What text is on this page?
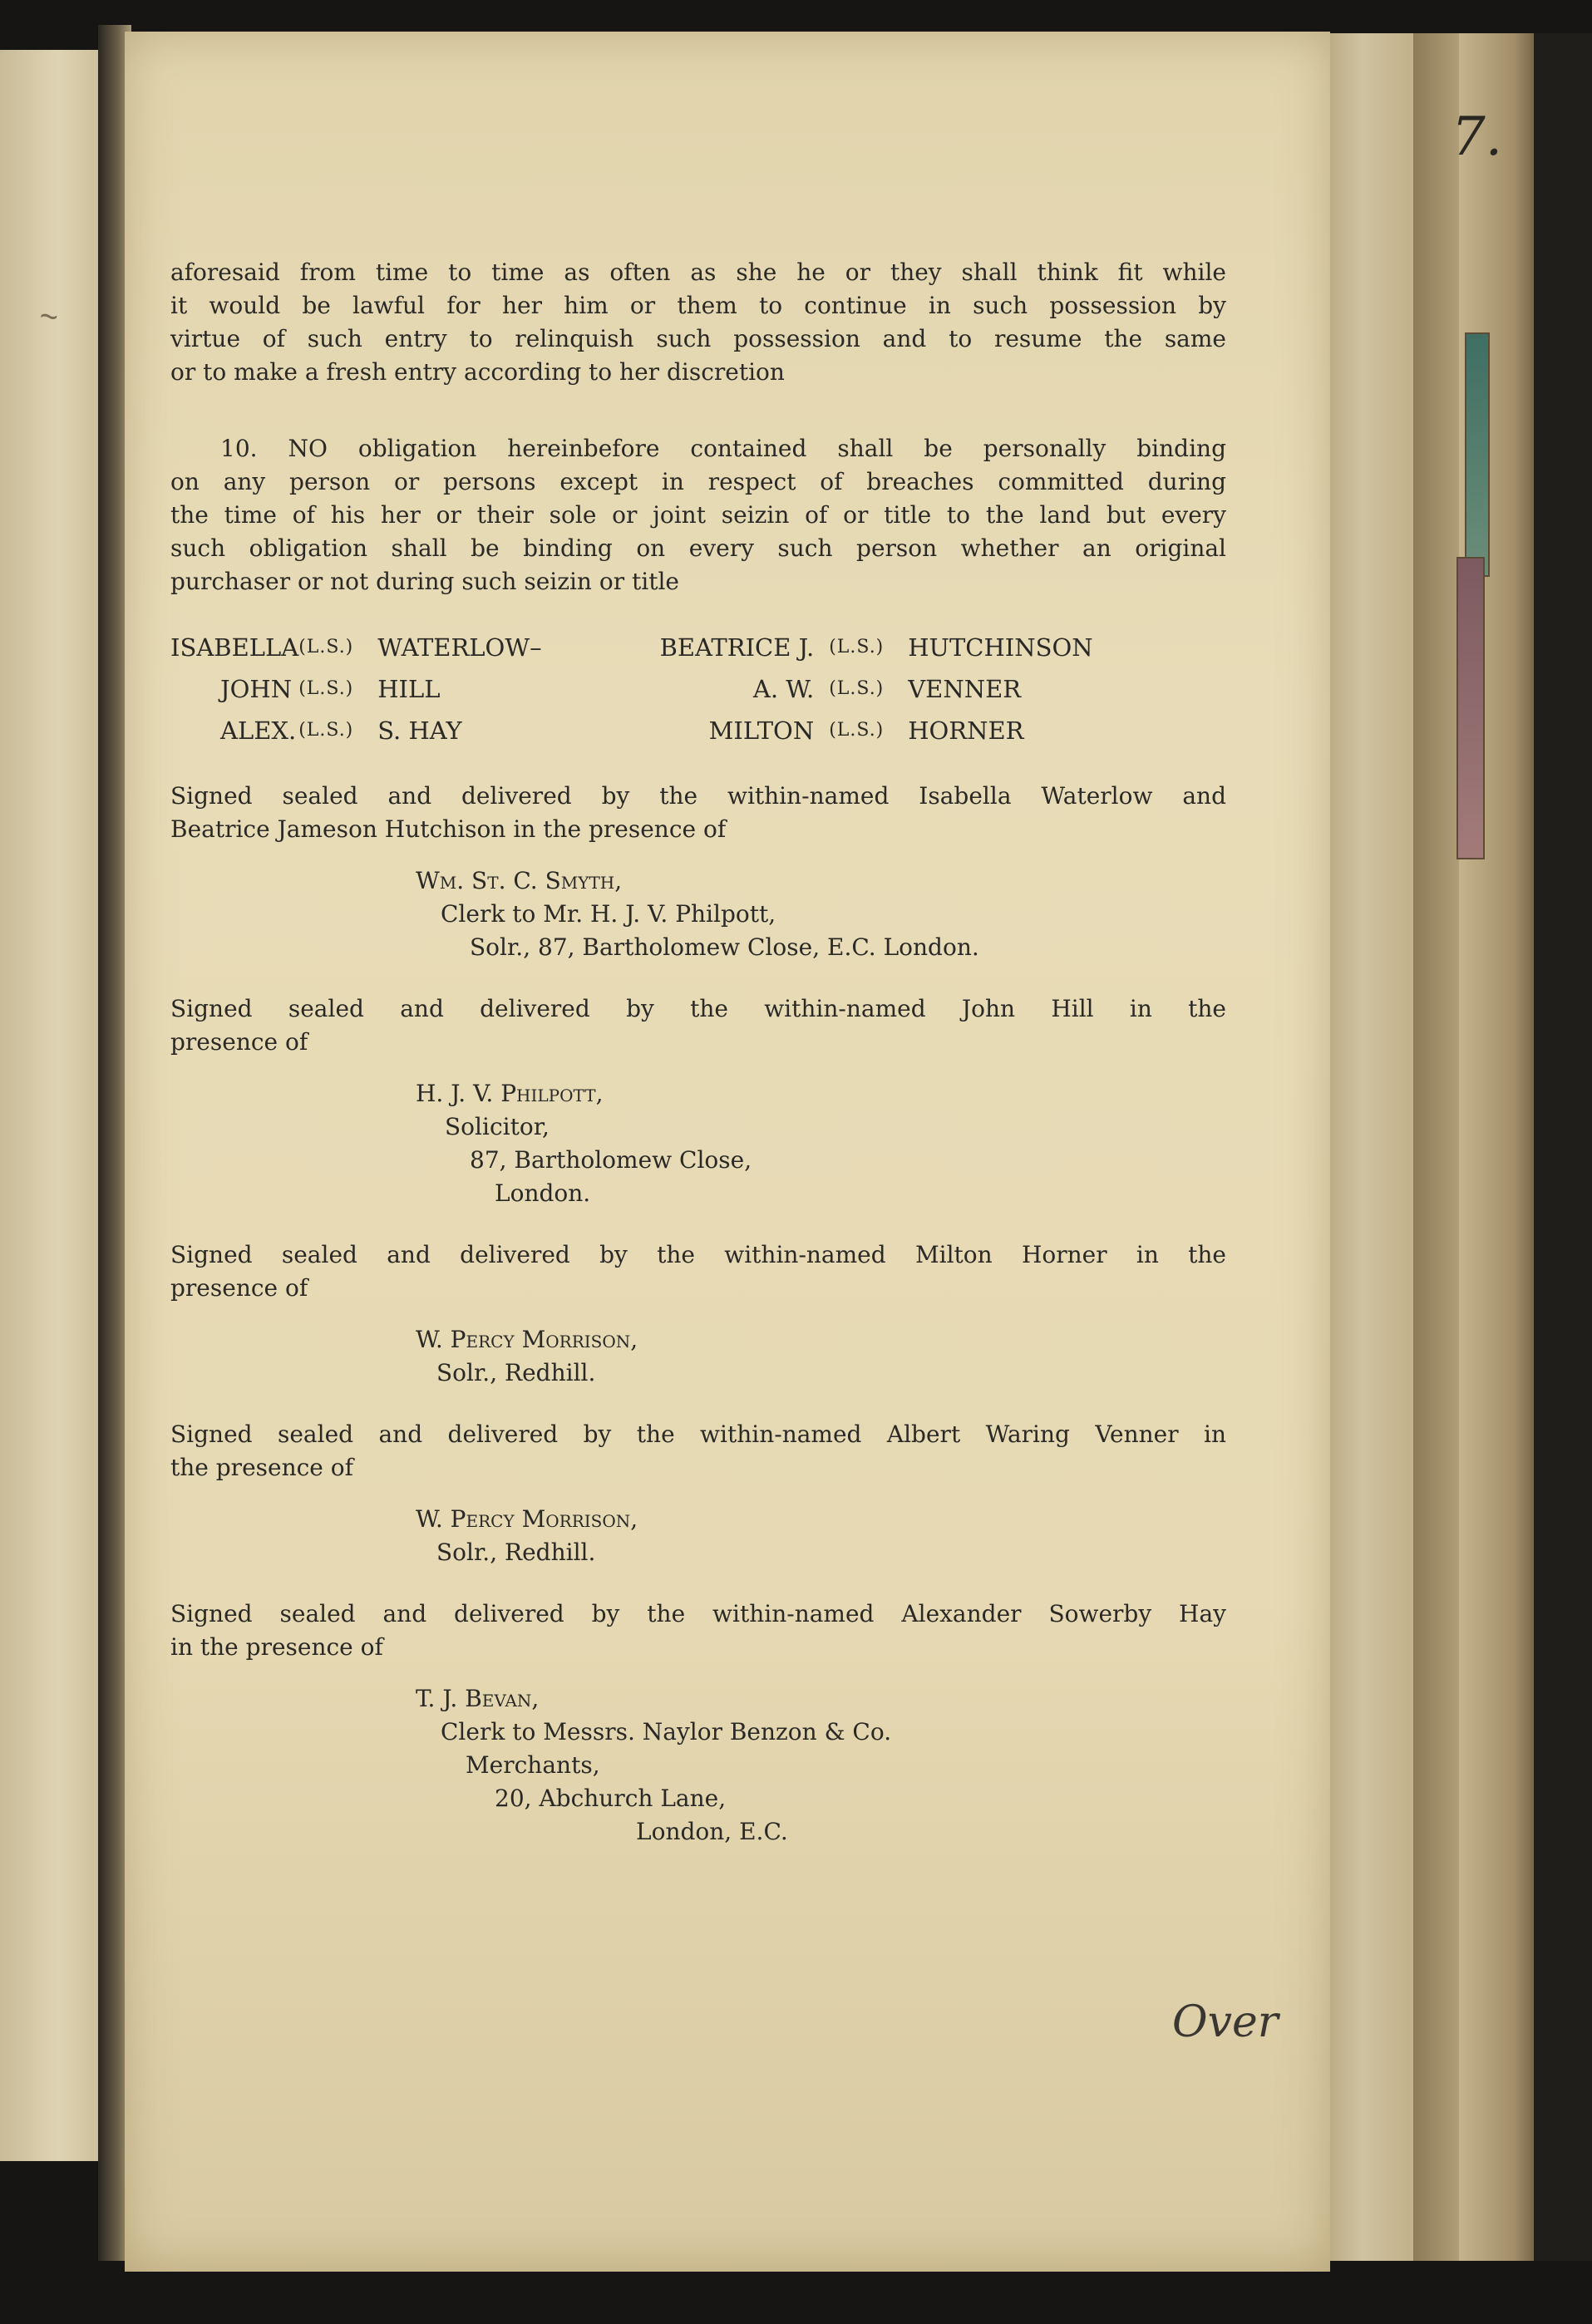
~
7.

aforesaid from time to time as often as she he or they shall think fit while
it would be lawful for her him or them to continue in such possession by
virtue of such entry to relinquish such possession and to resume the same
or to make a fresh entry according to her discretion

10. NO obligation hereinbefore contained shall be personally binding
on any person or persons except in respect of breaches committed during
the time of his her or their sole or joint seizin of or title to the land but every
such obligation shall be binding on every such person whether an original
purchaser or not during such seizin or title

ISABELLA	(L.S.)	WATERLOW–	BEATRICE J.	(L.S.)	HUTCHINSON
JOHN	(L.S.)	HILL	A. W.	(L.S.)	VENNER
ALEX.	(L.S.)	S. HAY	MILTON	(L.S.)	HORNER

Signed sealed and delivered by the within-named Isabella Waterlow and
Beatrice Jameson Hutchison in the presence of

Wm. St. C. Smyth,
Clerk to Mr. H. J. V. Philpott,
Solr., 87, Bartholomew Close, E.C. London.

Signed sealed and delivered by the within-named John Hill in the
presence of

H. J. V. Philpott,
Solicitor,
87, Bartholomew Close,
London.

Signed sealed and delivered by the within-named Milton Horner in the
presence of

W. Percy Morrison,
Solr., Redhill.

Signed sealed and delivered by the within-named Albert Waring Venner in
the presence of

W. Percy Morrison,
Solr., Redhill.

Signed sealed and delivered by the within-named Alexander Sowerby Hay
in the presence of

T. J. Bevan,
Clerk to Messrs. Naylor Benzon & Co.
Merchants,
20, Abchurch Lane,
London, E.C.
Over
